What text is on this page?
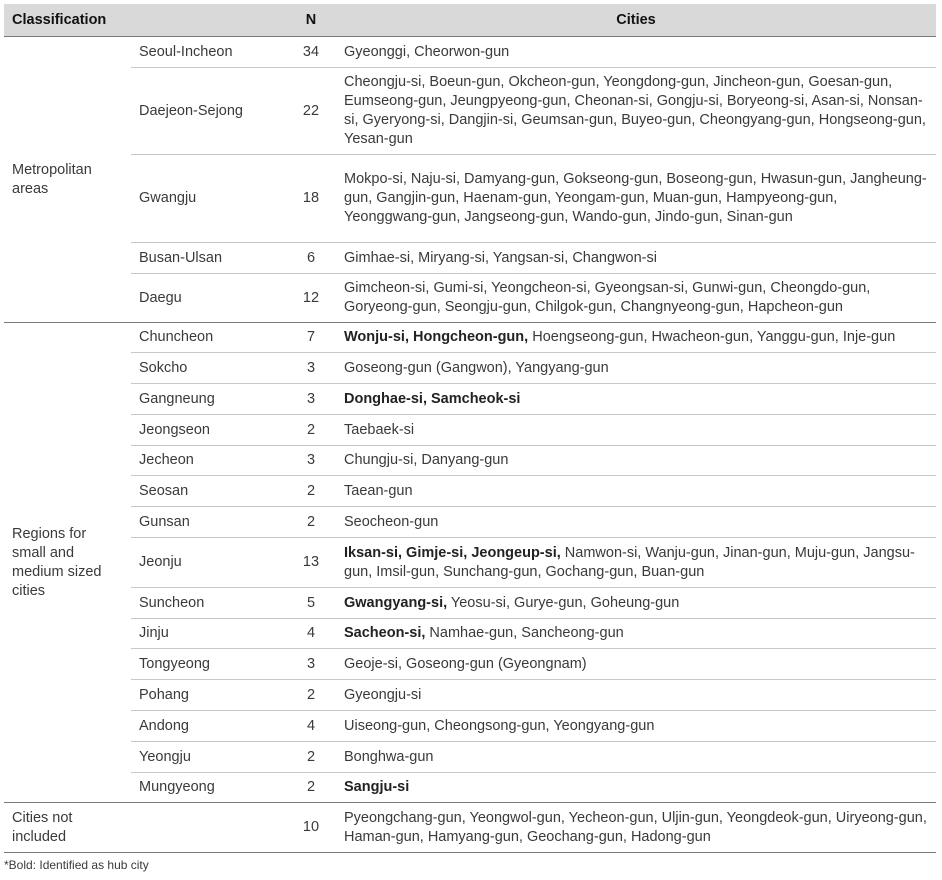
Classification		N	Cities
Metropolitan areas	Seoul-Incheon	34	Gyeonggi, Cheorwon-gun
	Daejeon-Sejong	22	Cheongju-si, Boeun-gun, Okcheon-gun, Yeongdong-gun, Jincheon-gun, Goesan-gun, Eumseong-gun, Jeungpyeong-gun, Cheonan-si, Gongju-si, Boryeong-si, Asan-si, Nonsan-si, Gyeryong-si, Dangjin-si, Geumsan-gun, Buyeo-gun, Cheongyang-gun, Hongseong-gun, Yesan-gun
	Gwangju	18	Mokpo-si, Naju-si, Damyang-gun, Gokseong-gun, Boseong-gun, Hwasun-gun, Jangheung-gun, Gangjin-gun, Haenam-gun, Yeongam-gun, Muan-gun, Hampyeong-gun, Yeonggwang-gun, Jangseong-gun, Wando-gun, Jindo-gun, Sinan-gun
	Busan-Ulsan	6	Gimhae-si, Miryang-si, Yangsan-si, Changwon-si
	Daegu	12	Gimcheon-si, Gumi-si, Yeongcheon-si, Gyeongsan-si, Gunwi-gun, Cheongdo-gun, Goryeong-gun, Seongju-gun, Chilgok-gun, Changnyeong-gun, Hapcheon-gun
Regions for small and medium sized cities	Chuncheon	7	Wonju-si, Hongcheon-gun, Hoengseong-gun, Hwacheon-gun, Yanggu-gun, Inje-gun
	Sokcho	3	Goseong-gun (Gangwon), Yangyang-gun
	Gangneung	3	Donghae-si, Samcheok-si
	Jeongseon	2	Taebaek-si
	Jecheon	3	Chungju-si, Danyang-gun
	Seosan	2	Taean-gun
	Gunsan	2	Seocheon-gun
	Jeonju	13	Iksan-si, Gimje-si, Jeongeup-si, Namwon-si, Wanju-gun, Jinan-gun, Muju-gun, Jangsu-gun, Imsil-gun, Sunchang-gun, Gochang-gun, Buan-gun
	Suncheon	5	Gwangyang-si, Yeosu-si, Gurye-gun, Goheung-gun
	Jinju	4	Sacheon-si, Namhae-gun, Sancheong-gun
	Tongyeong	3	Geoje-si, Goseong-gun (Gyeongnam)
	Pohang	2	Gyeongju-si
	Andong	4	Uiseong-gun, Cheongsong-gun, Yeongyang-gun
	Yeongju	2	Bonghwa-gun
	Mungyeong	2	Sangju-si
Cities not included		10	Pyeongchang-gun, Yeongwol-gun, Yecheon-gun, Uljin-gun, Yeongdeok-gun, Uiryeong-gun, Haman-gun, Hamyang-gun, Geochang-gun, Hadong-gun
*Bold: Identified as hub city
